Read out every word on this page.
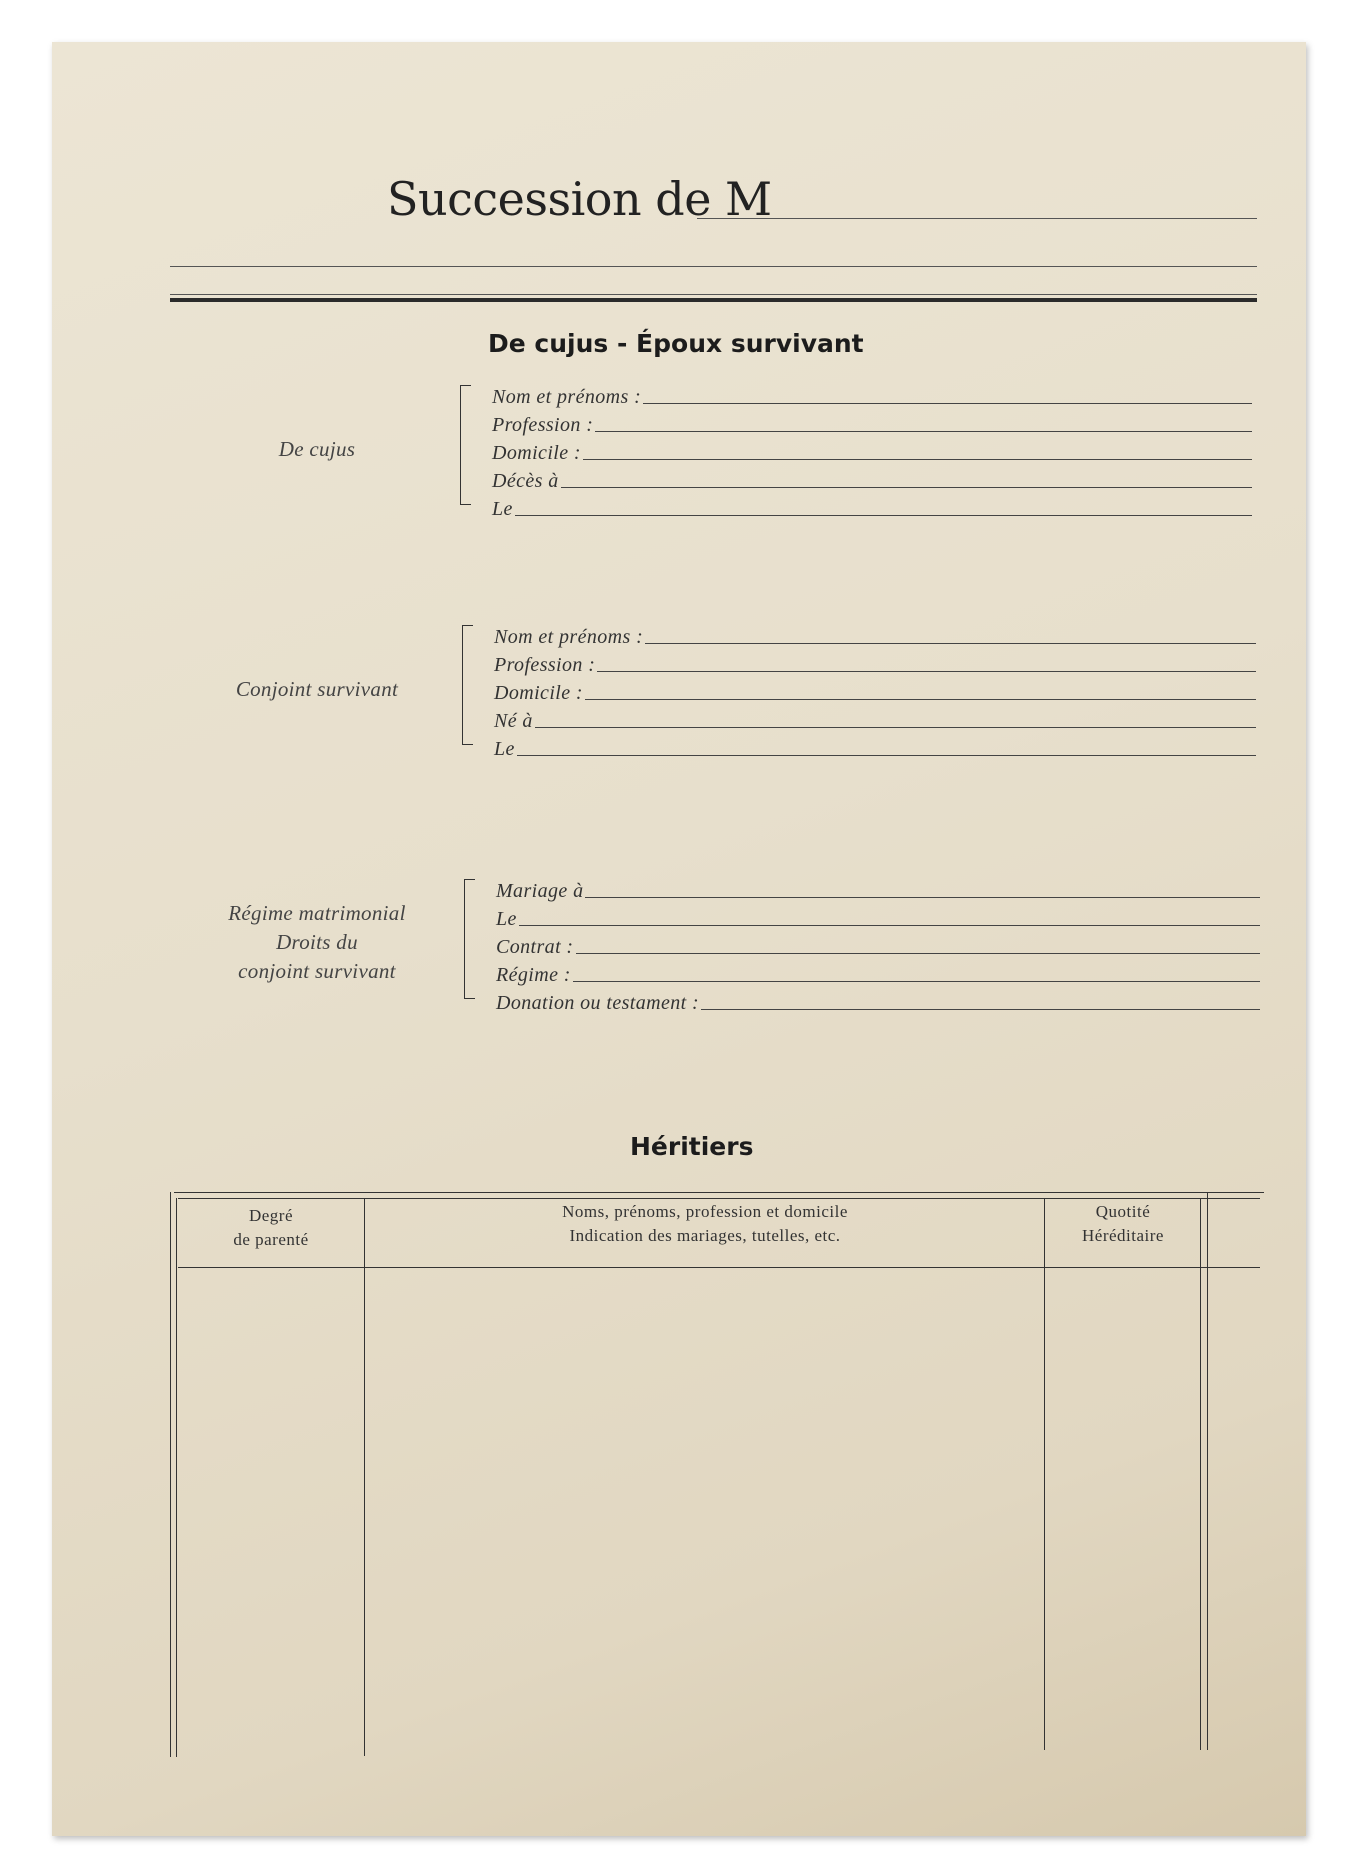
Succession de M
De cujus - Époux survivant
De cujus
Nom et prénoms :
Profession :
Domicile :
Décès à
Le
Conjoint survivant
Nom et prénoms :
Profession :
Domicile :
Né à
Le
Régime matrimonial
Droits du
conjoint survivant
Mariage à
Le
Contrat :
Régime :
Donation ou testament :
Héritiers
Degré
de parenté
Noms, prénoms, profession et domicile
Indication des mariages, tutelles, etc.
Quotité
Héréditaire
